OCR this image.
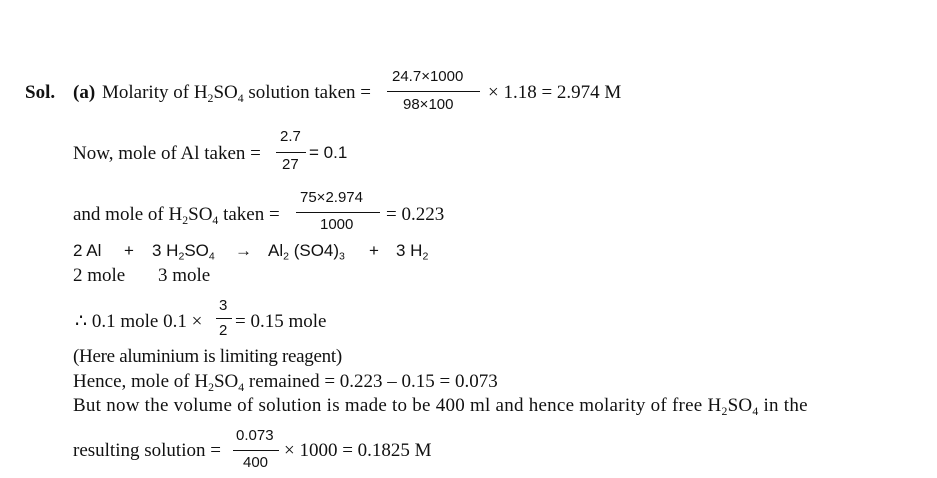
Sol. (a) Molarity of $H_2SO_4$ solution taken =
24.7×1000
98×100
× 1.18 = 2.974 M
Now, mole of Al taken =
2.7
27
= 0.1
and mole of $H_2SO_4$ taken =
75×2.974
1000 = 0.223
2 Al + 3 $H_2SO_4 \to Al_2$ $(SO4)_3 + 3$ $H_2$
2 mole 3 mole
∴ 0.1 mole 0.1 ×
3
2 = 0.15 mole
(Here aluminium is limiting reagent)
Hence, mole of $H_2SO_4$ remained = 0.223 – 0.15 = 0.073
But now the volume of solution is made to be 400 ml and hence molarity of free $H_2SO_4$ in the
resulting solution =
0.073
400
× 1000 = 0.1825 M
